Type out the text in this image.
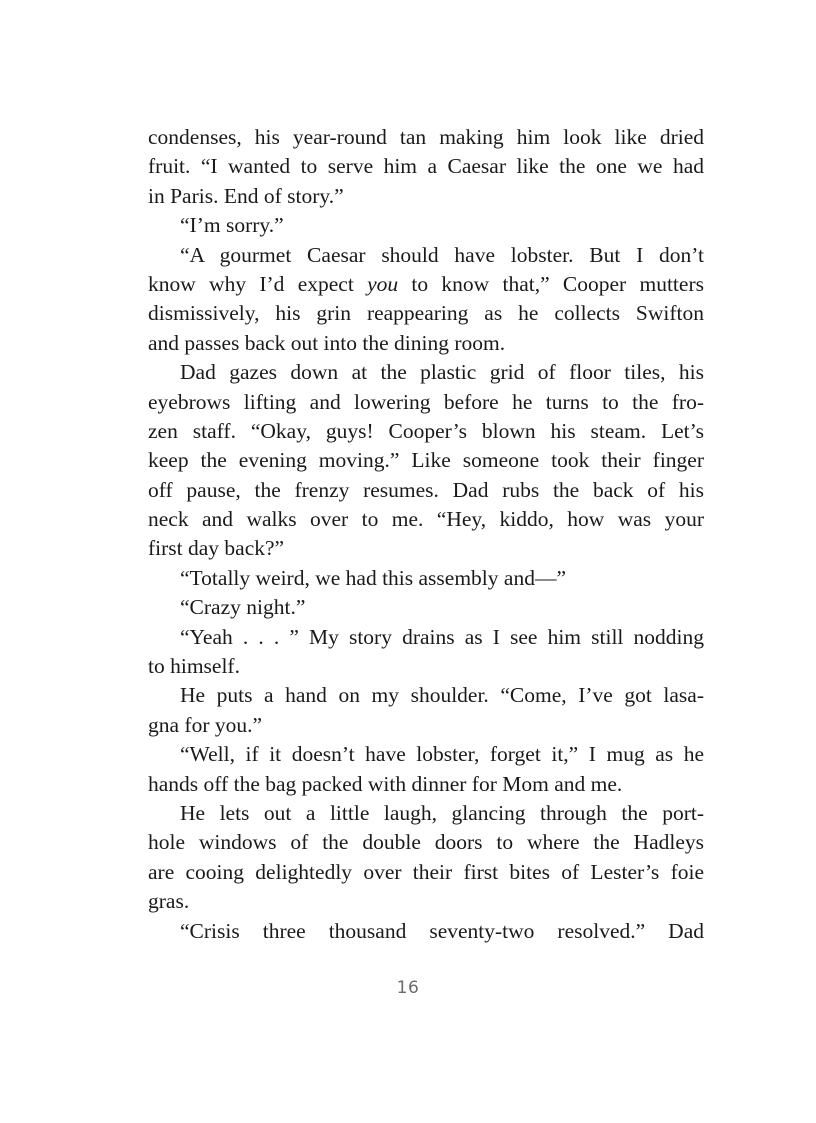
condenses, his year-round tan making him look like dried
fruit. “I wanted to serve him a Caesar like the one we had
in Paris. End of story.”
“I’m sorry.”
“A gourmet Caesar should have lobster. But I don’t
know why I’d expect you to know that,” Cooper mutters
dismissively, his grin reappearing as he collects Swifton
and passes back out into the dining room.
Dad gazes down at the plastic grid of floor tiles, his
eyebrows lifting and lowering before he turns to the fro-
zen staff. “Okay, guys! Cooper’s blown his steam. Let’s
keep the evening moving.” Like someone took their finger
off pause, the frenzy resumes. Dad rubs the back of his
neck and walks over to me. “Hey, kiddo, how was your
first day back?”
“Totally weird, we had this assembly and—”
“Crazy night.”
“Yeah . . . ” My story drains as I see him still nodding
to himself.
He puts a hand on my shoulder. “Come, I’ve got lasa-
gna for you.”
“Well, if it doesn’t have lobster, forget it,” I mug as he
hands off the bag packed with dinner for Mom and me.
He lets out a little laugh, glancing through the port-
hole windows of the double doors to where the Hadleys
are cooing delightedly over their first bites of Lester’s foie
gras.
“Crisis three thousand seventy-two resolved.” Dad
16
